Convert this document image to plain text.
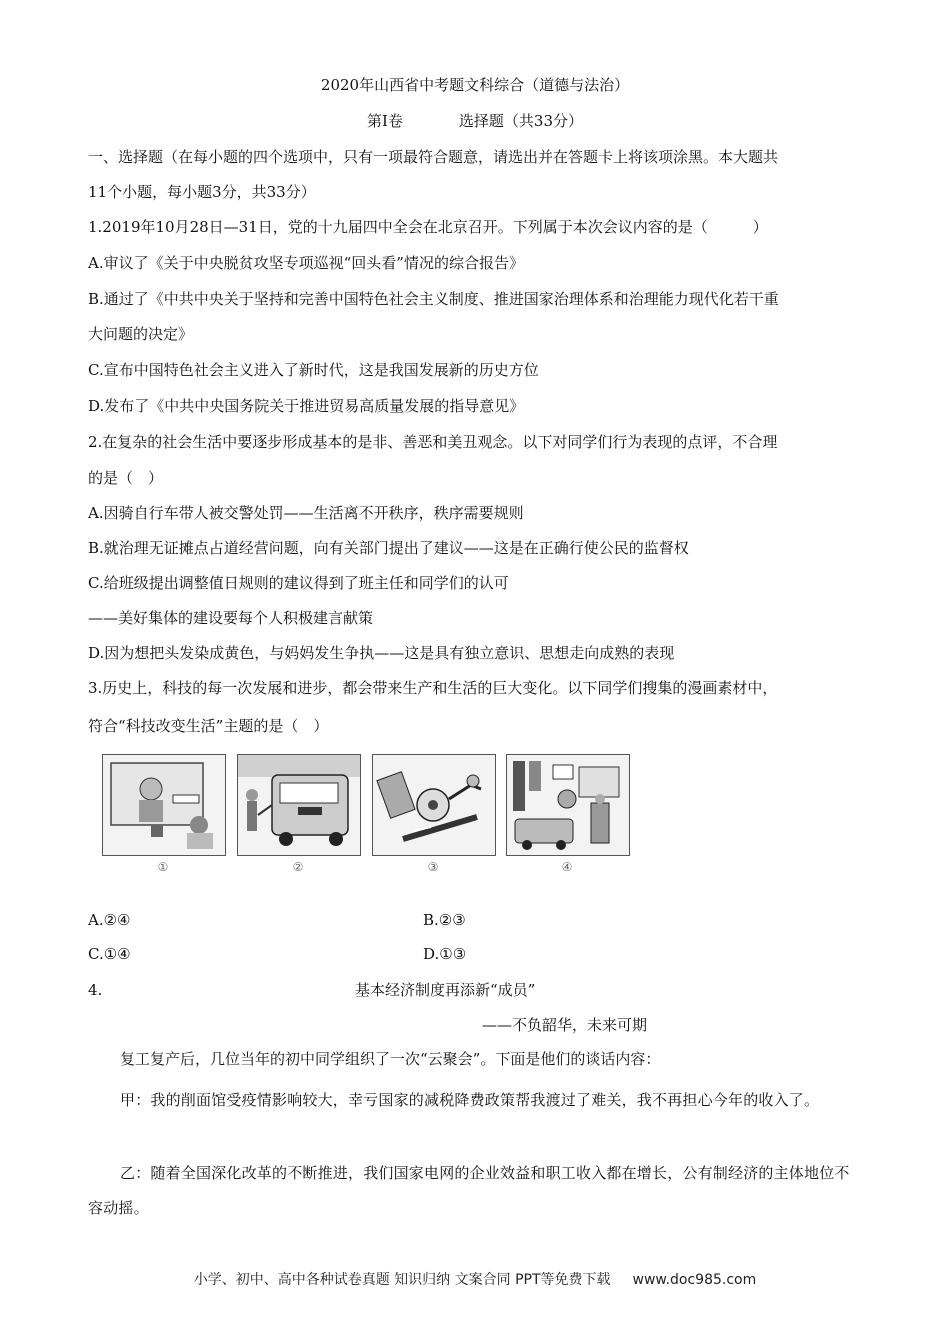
2020年山西省中考题文科综合（道德与法治）
第Ⅰ卷	选择题（共33分）
一、选择题（在每小题的四个选项中，只有一项最符合题意，请选出并在答题卡上将该项涂黑。本大题共
11个小题，每小题3分，共33分）
1.2019年10月28日—31日，党的十九届四中全会在北京召开。下列属于本次会议内容的是（　　　）
A.审议了《关于中央脱贫攻坚专项巡视“回头看”情况的综合报告》
B.通过了《中共中央关于坚持和完善中国特色社会主义制度、推进国家治理体系和治理能力现代化若干重
大问题的决定》
C.宣布中国特色社会主义进入了新时代，这是我国发展新的历史方位
D.发布了《中共中央国务院关于推进贸易高质量发展的指导意见》
2.在复杂的社会生活中要逐步形成基本的是非、善恶和美丑观念。以下对同学们行为表现的点评，不合理
的是（　）
A.因骑自行车带人被交警处罚——生活离不开秩序，秩序需要规则
B.就治理无证摊点占道经营问题，向有关部门提出了建议——这是在正确行使公民的监督权
C.给班级提出调整值日规则的建议得到了班主任和同学们的认可
——美好集体的建设要每个人积极建言献策
D.因为想把头发染成黄色，与妈妈发生争执——这是具有独立意识、思想走向成熟的表现
3.历史上，科技的每一次发展和进步，都会带来生产和生活的巨大变化。以下同学们搜集的漫画素材中，
符合“科技改变生活”主题的是（　）
①	②	③	④
A.②④	B.②③
C.①④	D.①③
4.	基本经济制度再添新“成员”
——不负韶华，未来可期
复工复产后，几位当年的初中同学组织了一次“云聚会”。下面是他们的谈话内容：
甲：我的削面馆受疫情影响较大，幸亏国家的减税降费政策帮我渡过了难关，我不再担心今年的收入了。
乙：随着全国深化改革的不断推进，我们国家电网的企业效益和职工收入都在增长，公有制经济的主体地位不容动摇。
小学、初中、高中各种试卷真题 知识归纳 文案合同 PPT等免费下载 www.doc985.com
